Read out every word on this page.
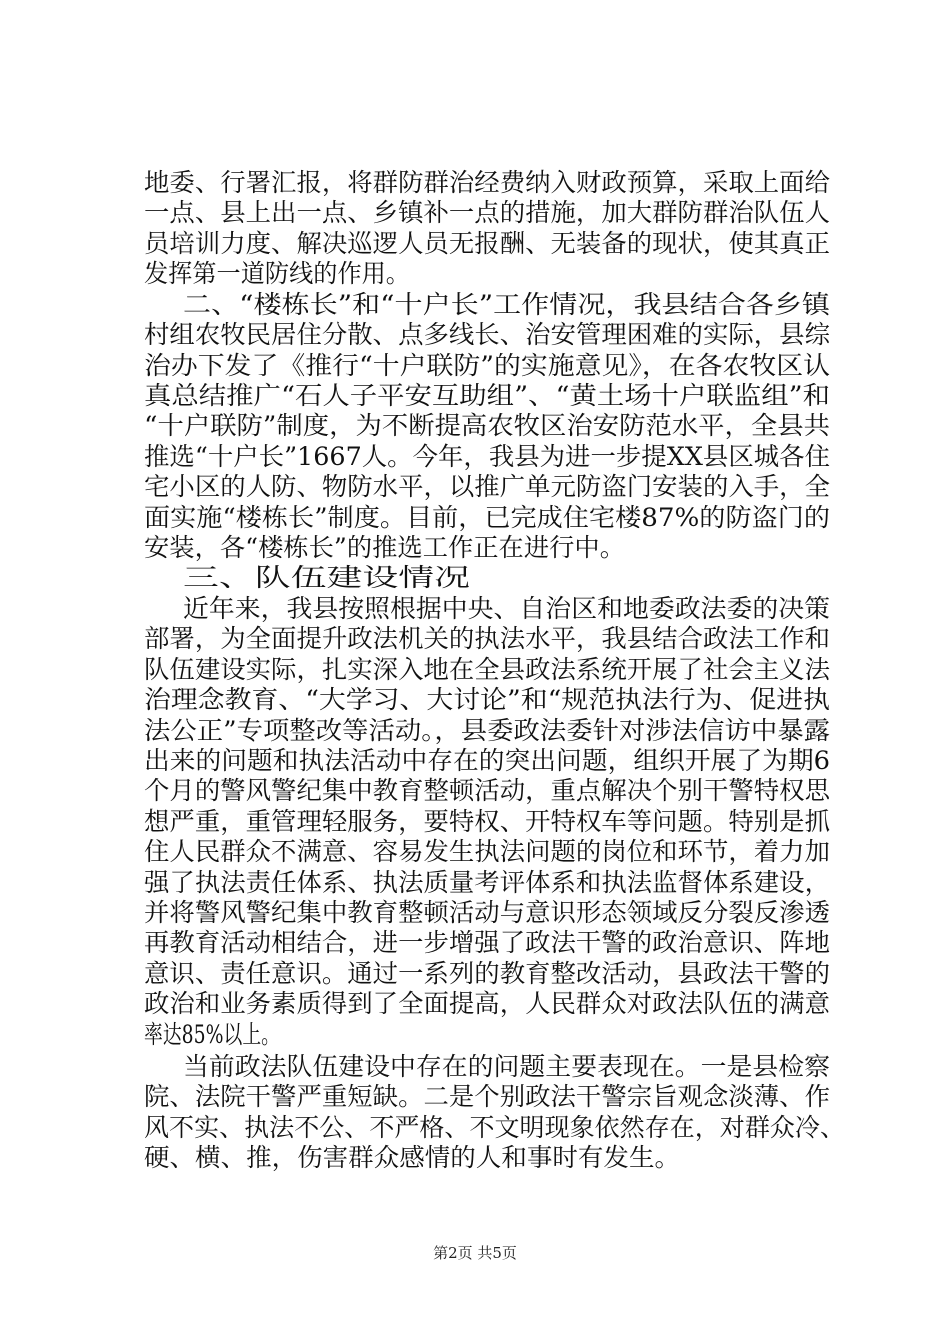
地委、行署汇报，将群防群治经费纳入财政预算，采取上面给
一点、县上出一点、乡镇补一点的措施，加大群防群治队伍人
员培训力度、解决巡逻人员无报酬、无装备的现状，使其真正
发挥第一道防线的作用。
二、“楼栋长”和“十户长”工作情况，我县结合各乡镇
村组农牧民居住分散、点多线长、治安管理困难的实际，县综
治办下发了《推行“十户联防”的实施意见》，在各农牧区认
真总结推广“石人子平安互助组”、“黄土场十户联监组”和
“十户联防”制度，为不断提高农牧区治安防范水平，全县共
推选“十户长”1667人。今年，我县为进一步提XX县区城各住
宅小区的人防、物防水平，以推广单元防盗门安装的入手，全
面实施“楼栋长”制度。目前，已完成住宅楼87%的防盗门的
安装，各“楼栋长”的推选工作正在进行中。
三、队伍建设情况
近年来，我县按照根据中央、自治区和地委政法委的决策
部署，为全面提升政法机关的执法水平，我县结合政法工作和
队伍建设实际，扎实深入地在全县政法系统开展了社会主义法
治理念教育、“大学习、大讨论”和“规范执法行为、促进执
法公正”专项整改等活动。，县委政法委针对涉法信访中暴露
出来的问题和执法活动中存在的突出问题，组织开展了为期6
个月的警风警纪集中教育整顿活动，重点解决个别干警特权思
想严重，重管理轻服务，要特权、开特权车等问题。特别是抓
住人民群众不满意、容易发生执法问题的岗位和环节，着力加
强了执法责任体系、执法质量考评体系和执法监督体系建设，
并将警风警纪集中教育整顿活动与意识形态领域反分裂反渗透
再教育活动相结合，进一步增强了政法干警的政治意识、阵地
意识、责任意识。通过一系列的教育整改活动，县政法干警的
政治和业务素质得到了全面提高，人民群众对政法队伍的满意
率达85%以上。
当前政法队伍建设中存在的问题主要表现在。一是县检察
院、法院干警严重短缺。二是个别政法干警宗旨观念淡薄、作
风不实、执法不公、不严格、不文明现象依然存在，对群众冷、
硬、横、推，伤害群众感情的人和事时有发生。
第2页 共5页
